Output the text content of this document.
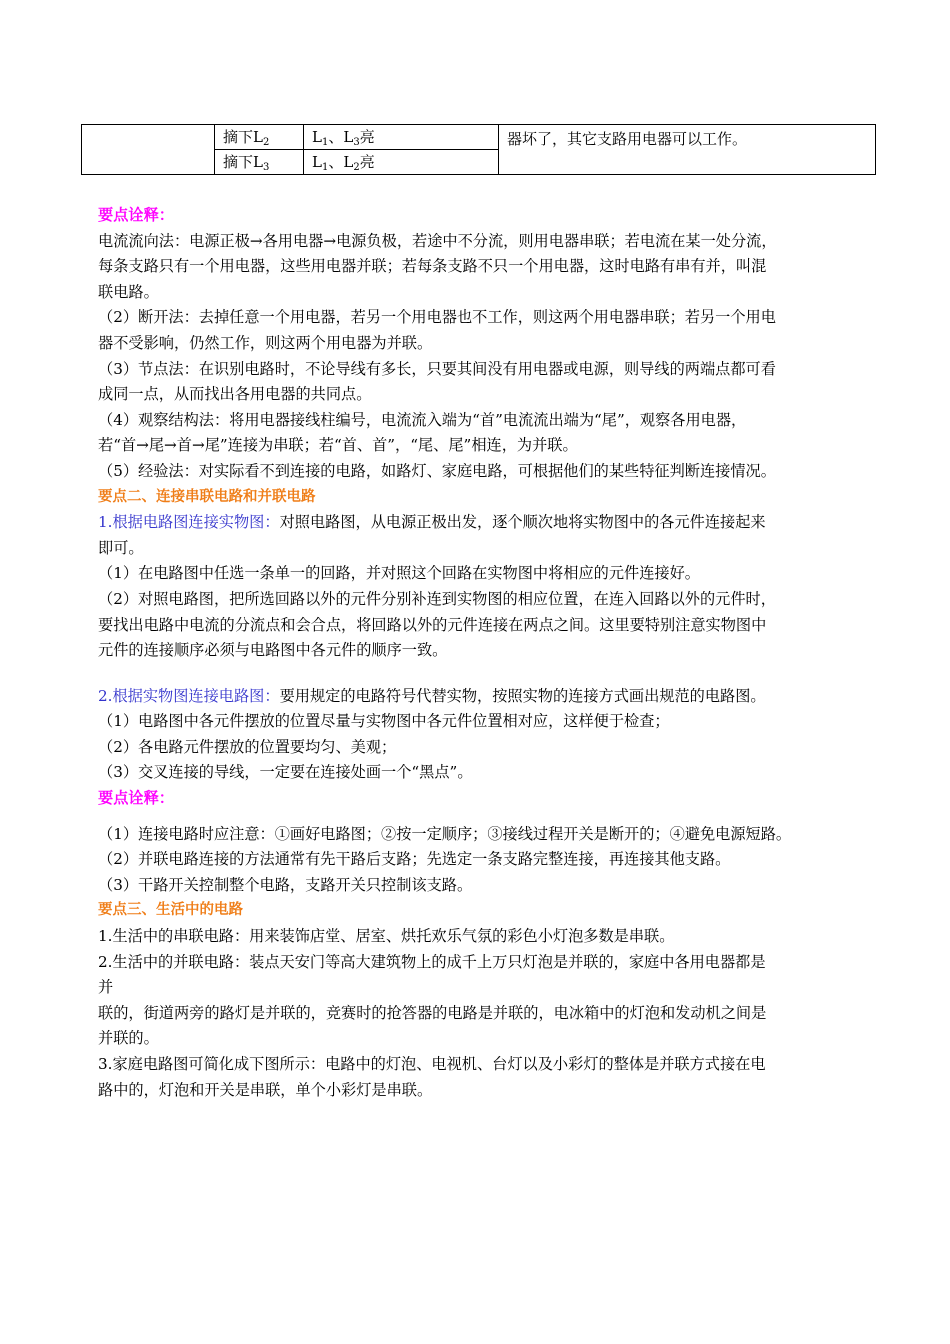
	摘下$L_2$	$L_1$、$L_3$亮	器坏了，其它支路用电器可以工作。
	摘下$L_3$	$L_1$、$L_2$亮	

要点诠释：

电流流向法：电源正极→各用电器→电源负极，若途中不分流，则用电器串联；若电流在某一处分流，

每条支路只有一个用电器，这些用电器并联；若每条支路不只一个用电器，这时电路有串有并，叫混

联电路。

（2）断开法：去掉任意一个用电器，若另一个用电器也不工作，则这两个用电器串联；若另一个用电

器不受影响，仍然工作，则这两个用电器为并联。

（3）节点法：在识别电路时，不论导线有多长，只要其间没有用电器或电源，则导线的两端点都可看

成同一点，从而找出各用电器的共同点。

（4）观察结构法：将用电器接线柱编号，电流流入端为“首”电流流出端为“尾”，观察各用电器，

若“首→尾→首→尾”连接为串联；若“首、首”，“尾、尾”相连，为并联。

（5）经验法：对实际看不到连接的电路，如路灯、家庭电路，可根据他们的某些特征判断连接情况。

要点二、连接串联电路和并联电路

1.根据电路图连接实物图：对照电路图，从电源正极出发，逐个顺次地将实物图中的各元件连接起来

即可。

（1）在电路图中任选一条单一的回路，并对照这个回路在实物图中将相应的元件连接好。

（2）对照电路图，把所选回路以外的元件分别补连到实物图的相应位置，在连入回路以外的元件时，

要找出电路中电流的分流点和会合点，将回路以外的元件连接在两点之间。这里要特别注意实物图中

元件的连接顺序必须与电路图中各元件的顺序一致。

2.根据实物图连接电路图：要用规定的电路符号代替实物，按照实物的连接方式画出规范的电路图。

（1）电路图中各元件摆放的位置尽量与实物图中各元件位置相对应，这样便于检查；

（2）各电路元件摆放的位置要均匀、美观；

（3）交叉连接的导线，一定要在连接处画一个“黑点”。

要点诠释：

（1）连接电路时应注意：①画好电路图；②按一定顺序；③接线过程开关是断开的；④避免电源短路。

（2）并联电路连接的方法通常有先干路后支路；先选定一条支路完整连接，再连接其他支路。

（3）干路开关控制整个电路，支路开关只控制该支路。

要点三、生活中的电路

1.生活中的串联电路：用来装饰店堂、居室、烘托欢乐气氛的彩色小灯泡多数是串联。

2.生活中的并联电路：装点天安门等高大建筑物上的成千上万只灯泡是并联的，家庭中各用电器都是

并

联的，街道两旁的路灯是并联的，竞赛时的抢答器的电路是并联的，电冰箱中的灯泡和发动机之间是

并联的。

3.家庭电路图可简化成下图所示：电路中的灯泡、电视机、台灯以及小彩灯的整体是并联方式接在电

路中的，灯泡和开关是串联，单个小彩灯是串联。
